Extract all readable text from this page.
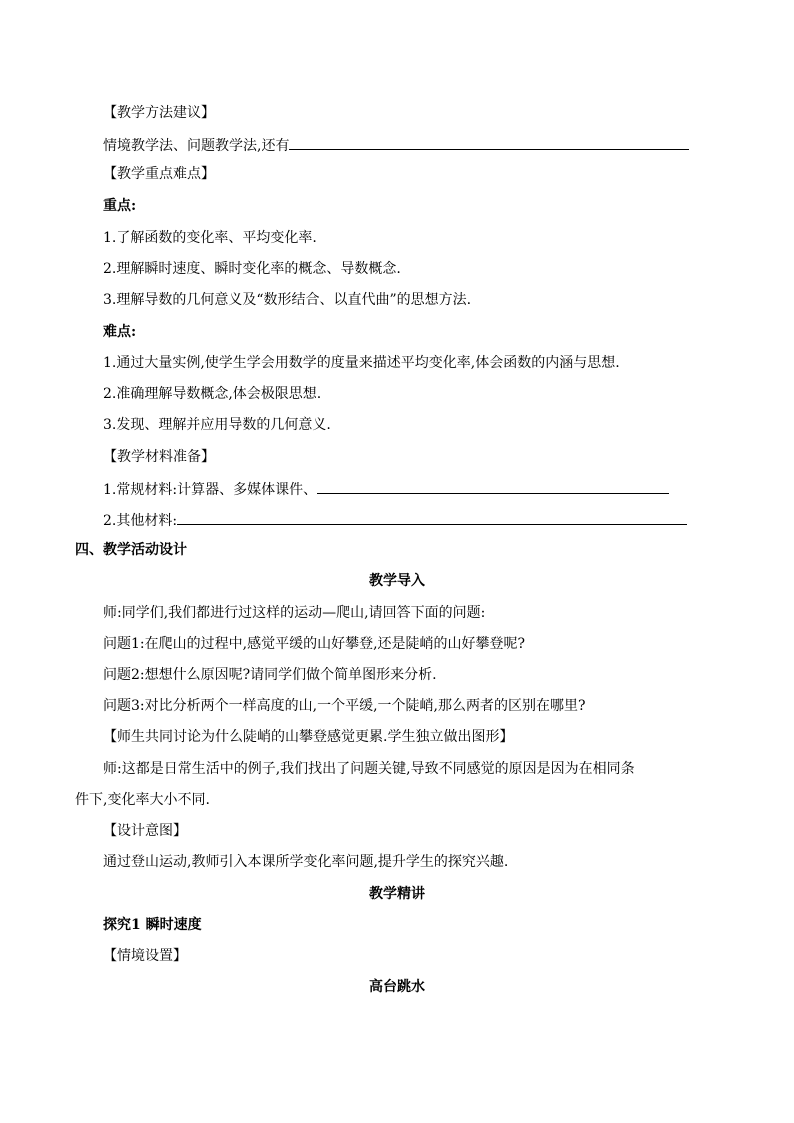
【教学方法建议】
情境教学法、问题教学法,还有
【教学重点难点】
重点:
1.了解函数的变化率、平均变化率.
2.理解瞬时速度、瞬时变化率的概念、导数概念.
3.理解导数的几何意义及“数形结合、以直代曲”的思想方法.
难点:
1.通过大量实例,使学生学会用数学的度量来描述平均变化率,体会函数的内涵与思想.
2.准确理解导数概念,体会极限思想.
3.发现、理解并应用导数的几何意义.
【教学材料准备】
1.常规材料:计算器、多媒体课件、
2.其他材料:
四、教学活动设计
教学导入
师:同学们,我们都进行过这样的运动—爬山,请回答下面的问题:
问题1:在爬山的过程中,感觉平缓的山好攀登,还是陡峭的山好攀登呢?
问题2:想想什么原因呢?请同学们做个简单图形来分析.
问题3:对比分析两个一样高度的山,一个平缓,一个陡峭,那么两者的区别在哪里?
【师生共同讨论为什么陡峭的山攀登感觉更累.学生独立做出图形】
师:这都是日常生活中的例子,我们找出了问题关键,导致不同感觉的原因是因为在相同条
件下,变化率大小不同.
【设计意图】
通过登山运动,教师引入本课所学变化率问题,提升学生的探究兴趣.
教学精讲
探究1 瞬时速度
【情境设置】
高台跳水
